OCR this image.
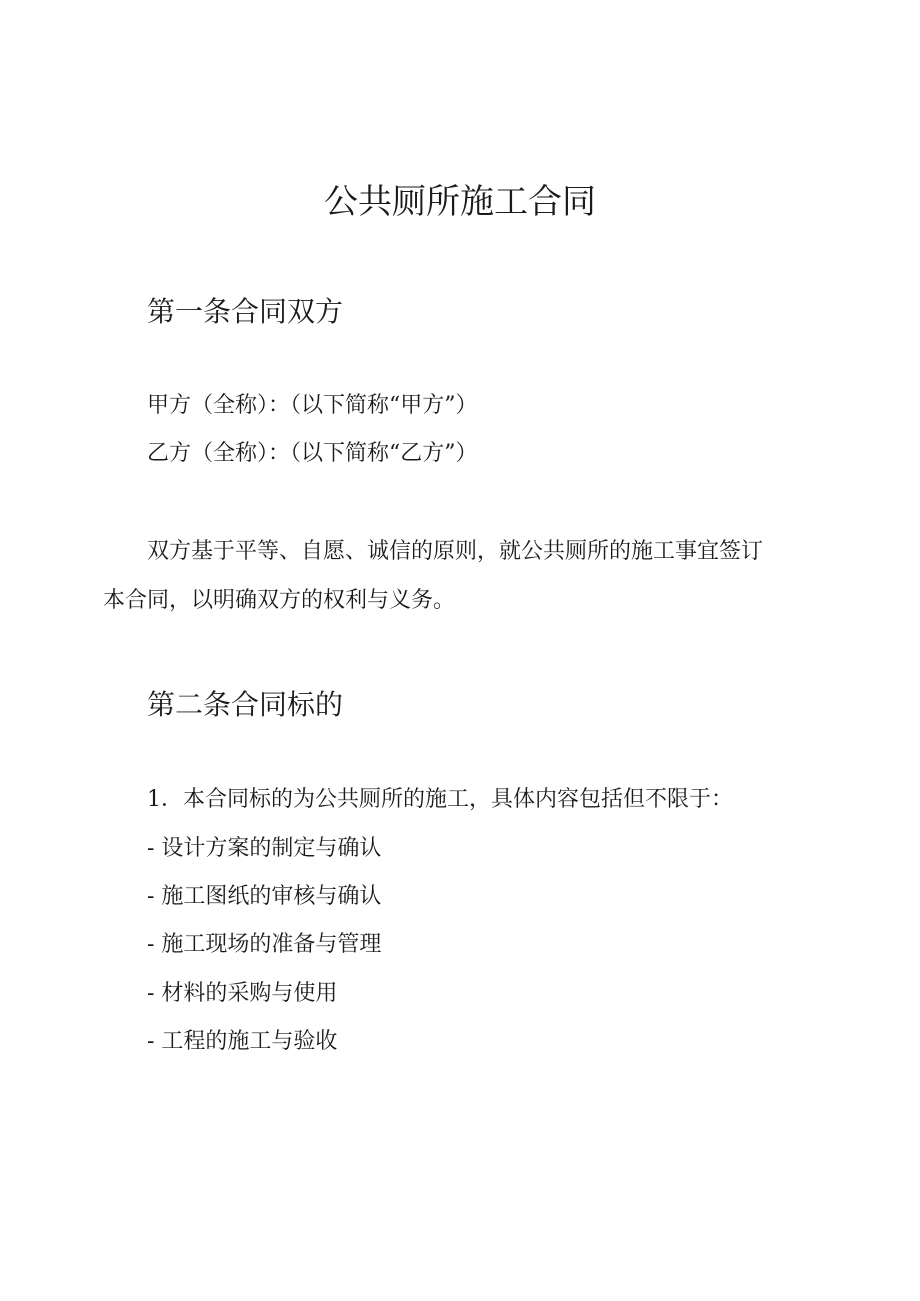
公共厕所施工合同
第一条合同双方

甲方（全称）：（以下简称“甲方”）

乙方（全称）：（以下简称“乙方”）

双方基于平等、自愿、诚信的原则，就公共厕所的施工事宜签订

本合同，以明确双方的权利与义务。

第二条合同标的

1．本合同标的为公共厕所的施工，具体内容包括但不限于：

- 设计方案的制定与确认

- 施工图纸的审核与确认

- 施工现场的准备与管理

- 材料的采购与使用

- 工程的施工与验收
